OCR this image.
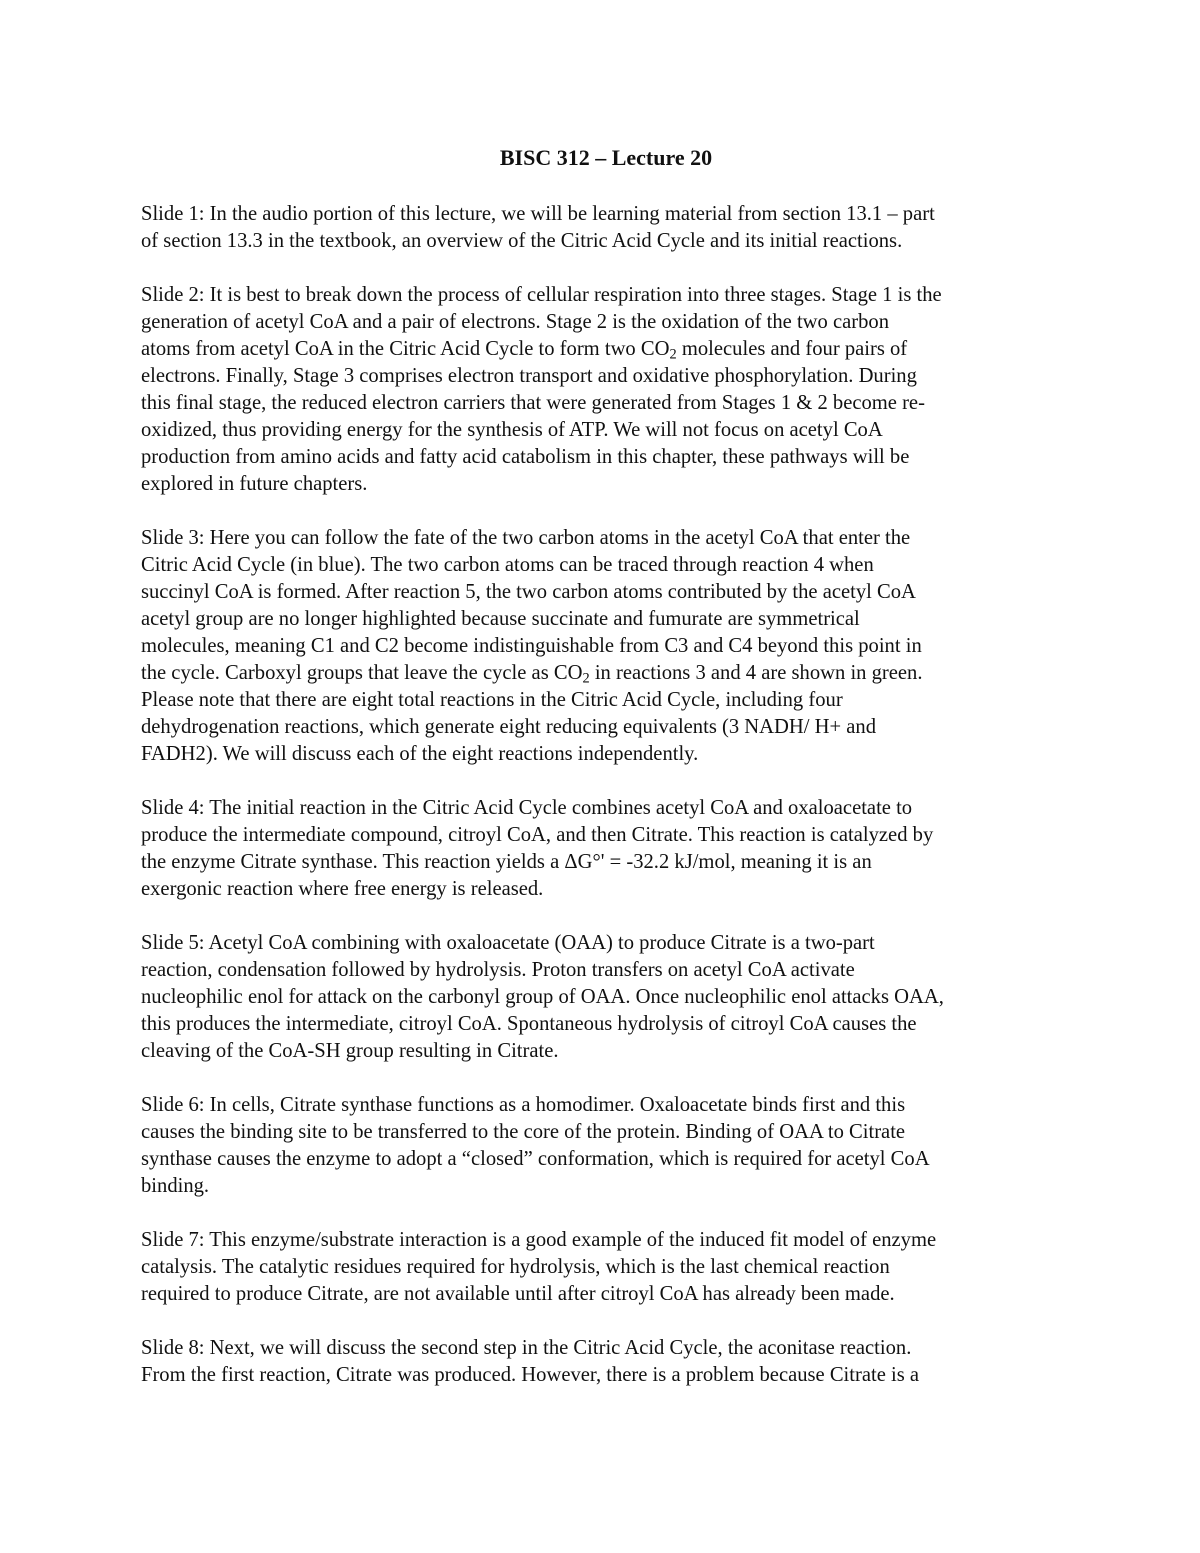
BISC 312 – Lecture 20
Slide 1: In the audio portion of this lecture, we will be learning material from section 13.1 – part
of section 13.3 in the textbook, an overview of the Citric Acid Cycle and its initial reactions.
Slide 2: It is best to break down the process of cellular respiration into three stages. Stage 1 is the
generation of acetyl CoA and a pair of electrons. Stage 2 is the oxidation of the two carbon
atoms from acetyl CoA in the Citric Acid Cycle to form two $CO_2$ molecules and four pairs of
electrons. Finally, Stage 3 comprises electron transport and oxidative phosphorylation. During
this final stage, the reduced electron carriers that were generated from Stages 1 & 2 become re-
oxidized, thus providing energy for the synthesis of ATP. We will not focus on acetyl CoA
production from amino acids and fatty acid catabolism in this chapter, these pathways will be
explored in future chapters.
Slide 3: Here you can follow the fate of the two carbon atoms in the acetyl CoA that enter the
Citric Acid Cycle (in blue). The two carbon atoms can be traced through reaction 4 when
succinyl CoA is formed. After reaction 5, the two carbon atoms contributed by the acetyl CoA
acetyl group are no longer highlighted because succinate and fumurate are symmetrical
molecules, meaning C1 and C2 become indistinguishable from C3 and C4 beyond this point in
the cycle. Carboxyl groups that leave the cycle as $CO_2$ in reactions 3 and 4 are shown in green.
Please note that there are eight total reactions in the Citric Acid Cycle, including four
dehydrogenation reactions, which generate eight reducing equivalents (3 NADH/ H+ and
FADH2). We will discuss each of the eight reactions independently.
Slide 4: The initial reaction in the Citric Acid Cycle combines acetyl CoA and oxaloacetate to
produce the intermediate compound, citroyl CoA, and then Citrate. This reaction is catalyzed by
the enzyme Citrate synthase. This reaction yields a ΔG°' = -32.2 kJ/mol, meaning it is an
exergonic reaction where free energy is released.
Slide 5: Acetyl CoA combining with oxaloacetate (OAA) to produce Citrate is a two-part
reaction, condensation followed by hydrolysis. Proton transfers on acetyl CoA activate
nucleophilic enol for attack on the carbonyl group of OAA. Once nucleophilic enol attacks OAA,
this produces the intermediate, citroyl CoA. Spontaneous hydrolysis of citroyl CoA causes the
cleaving of the CoA-SH group resulting in Citrate.
Slide 6: In cells, Citrate synthase functions as a homodimer. Oxaloacetate binds first and this
causes the binding site to be transferred to the core of the protein. Binding of OAA to Citrate
synthase causes the enzyme to adopt a “closed” conformation, which is required for acetyl CoA
binding.
Slide 7: This enzyme/substrate interaction is a good example of the induced fit model of enzyme
catalysis. The catalytic residues required for hydrolysis, which is the last chemical reaction
required to produce Citrate, are not available until after citroyl CoA has already been made.
Slide 8: Next, we will discuss the second step in the Citric Acid Cycle, the aconitase reaction.
From the first reaction, Citrate was produced. However, there is a problem because Citrate is a
